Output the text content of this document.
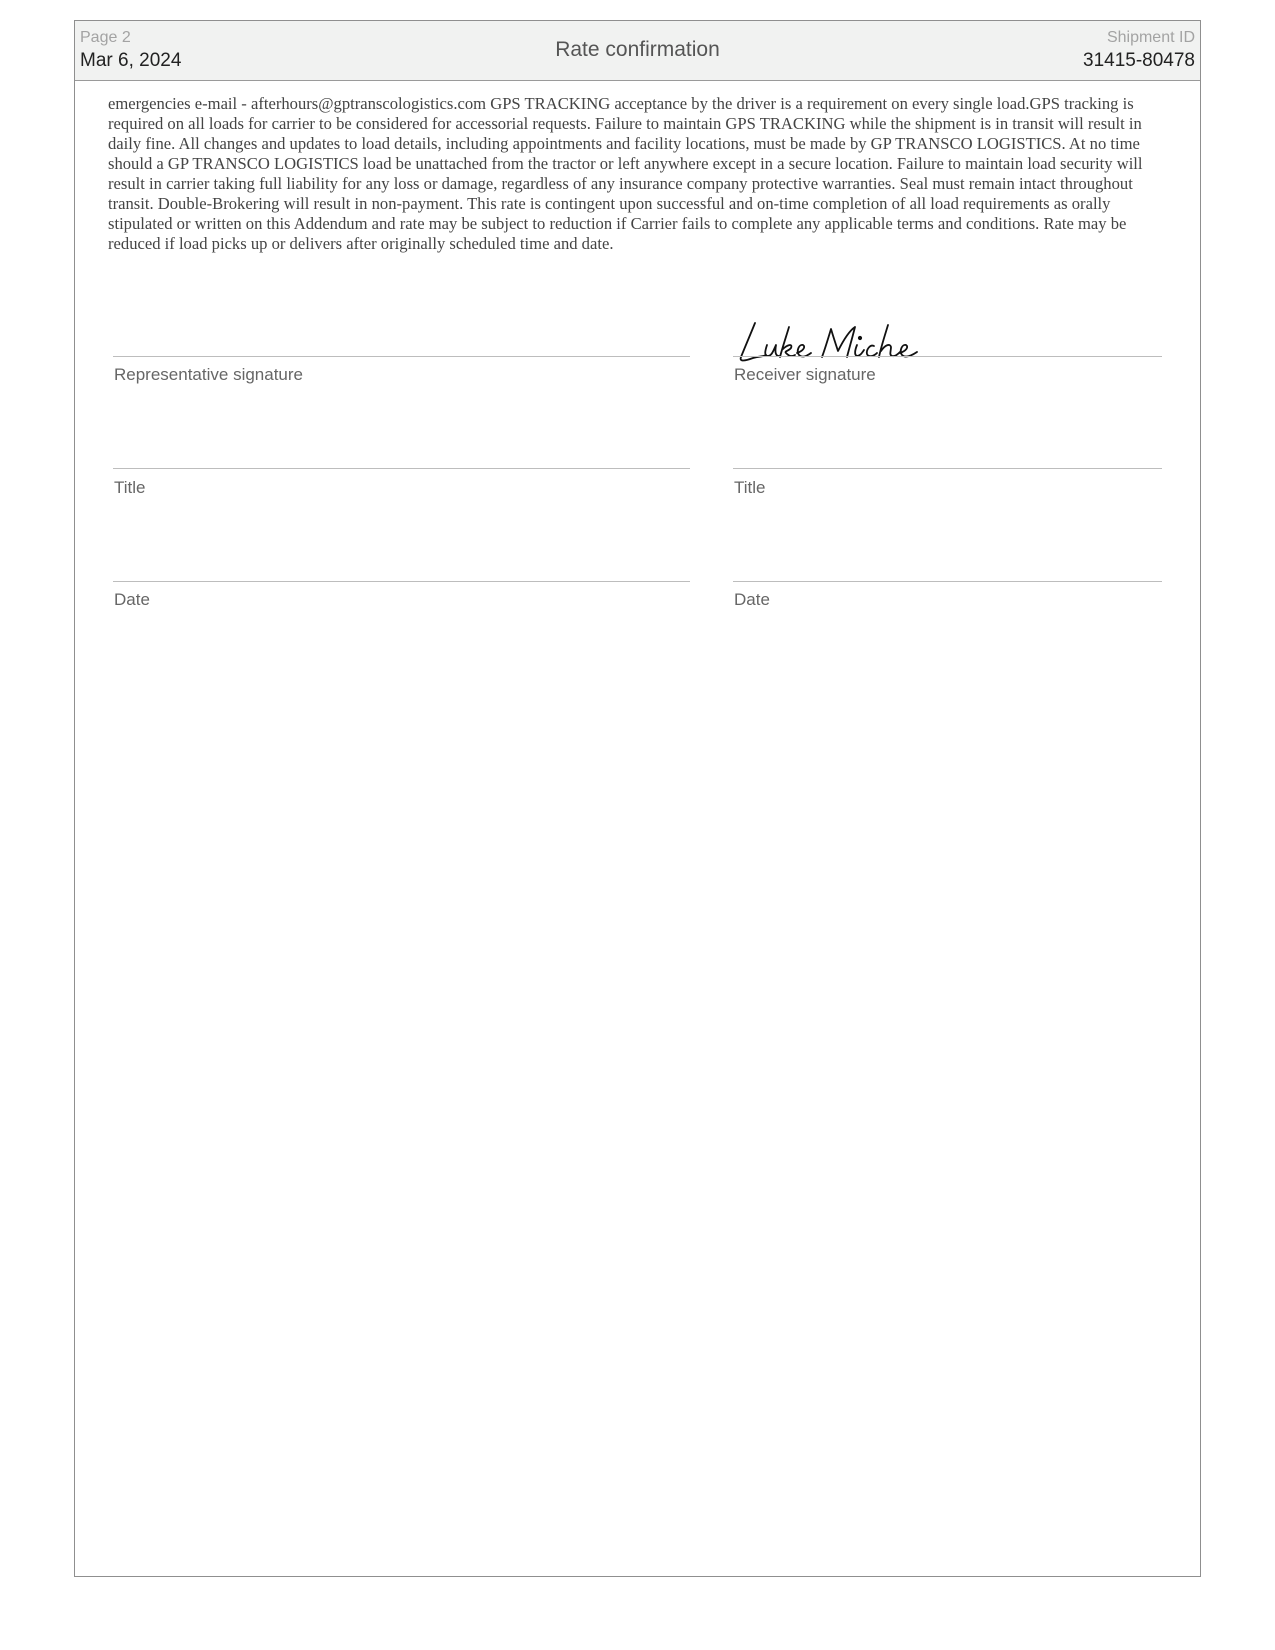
Page 2
Mar 6, 2024	Rate confirmation
Shipment ID
31415-80478

emergencies e-mail - afterhours@gptranscologistics.com GPS TRACKING acceptance by the driver is a requirement on every single load.GPS tracking is required on all loads for carrier to be considered for accessorial requests. Failure to maintain GPS TRACKING while the shipment is in transit will result in daily fine. All changes and updates to load details, including appointments and facility locations, must be made by GP TRANSCO LOGISTICS. At no time should a GP TRANSCO LOGISTICS load be unattached from the tractor or left anywhere except in a secure location. Failure to maintain load security will result in carrier taking full liability for any loss or damage, regardless of any insurance company protective warranties. Seal must remain intact throughout transit. Double-Brokering will result in non-payment. This rate is contingent upon successful and on-time completion of all load requirements as orally stipulated or written on this Addendum and rate may be subject to reduction if Carrier fails to complete any applicable terms and conditions. Rate may be reduced if load picks up or delivers after originally scheduled time and date.

Representative signature
Title
Date
Receiver signature
Title
Date
